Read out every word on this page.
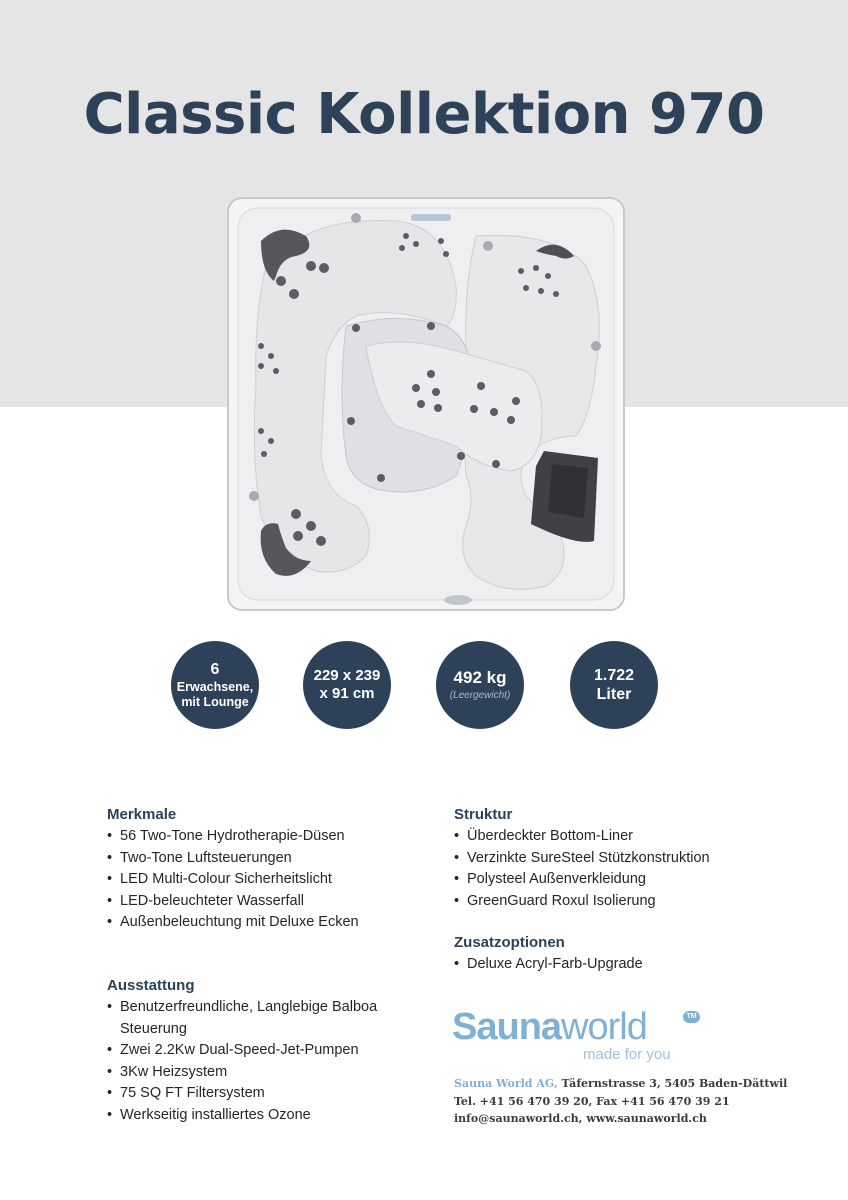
Classic Kollektion 970
6
Erwachsene,
mit Lounge
229 x 239
x 91 cm
492 kg
(Leergewicht)
1.722
Liter
Merkmale
• 56 Two-Tone Hydrotherapie-Düsen
• Two-Tone Luftsteuerungen
• LED Multi-Colour Sicherheitslicht
• LED-beleuchteter Wasserfall
• Außenbeleuchtung mit Deluxe Ecken
Ausstattung
• Benutzerfreundliche, Langlebige Balboa Steuerung
• Zwei 2.2Kw Dual-Speed-Jet-Pumpen
• 3Kw Heizsystem
• 75 SQ FT Filtersystem
• Werkseitig installiertes Ozone
Struktur
• Überdeckter Bottom-Liner
• Verzinkte SureSteel Stützkonstruktion
• Polysteel Außenverkleidung
• GreenGuard Roxul Isolierung
Zusatzoptionen
• Deluxe Acryl-Farb-Upgrade
Saunaworld	TM
made for you
Sauna World AG, Täfernstrasse 3, 5405 Baden-Dättwil
Tel. +41 56 470 39 20, Fax +41 56 470 39 21
info@saunaworld.ch, www.saunaworld.ch
